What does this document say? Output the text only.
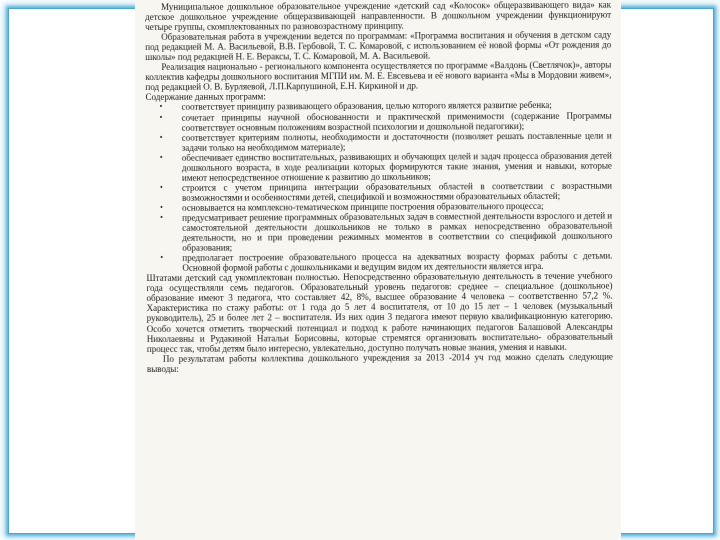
Муниципальное дошкольное образовательное учреждение «детский сад «Колосок» общеразвивающего вида» как детское дошкольное учреждение общеразвивающей направленности. В дошкольном учреждении функционируют четыре группы, скомплектованных по разновозрастному принципу.

Образовательная работа в учреждении ведется по программам: «Программа воспитания и обучения в детском саду под редакцией М. А. Васильевой, В.В. Гербовой, Т. С. Комаровой, с использованием её новой формы «От рождения до школы» под редакцией Н. Е. Вераксы, Т. С. Комаровой, М. А. Васильевой.

Реализация национально - регионального компонента осуществляется по программе «Валдонь (Светлячок)», авторы коллектив кафедры дошкольного воспитания МГПИ им. М. Е. Евсевьева и её нового варианта «Мы в Мордовии живем», под редакцией О. В. Бурляевой, Л.П.Карпушиной, Е.Н. Киркиной и др.

Содержание данных программ:

• соответствует принципу развивающего образования, целью которого является развитие ребенка;
• сочетает принципы научной обоснованности и практической применимости (содержание Программы соответствует основным положениям возрастной психологии и дошкольной педагогики);
• соответствует критериям полноты, необходимости и достаточности (позволяет решать поставленные цели и задачи только на необходимом материале);
• обеспечивает единство воспитательных, развивающих и обучающих целей и задач процесса образования детей дошкольного возраста, в ходе реализации которых формируются такие знания, умения и навыки, которые имеют непосредственное отношение к развитию до школьников;
• строится с учетом принципа интеграции образовательных областей в соответствии с возрастными возможностями и особенностями детей, спецификой и возможностями образовательных областей;
• основывается на комплексно-тематическом принципе построения образовательного процесса;
• предусматривает решение программных образовательных задач в совместной деятельности взрослого и детей и самостоятельной деятельности дошкольников не только в рамках непосредственно образовательной деятельности, но и при проведении режимных моментов в соответствии со спецификой дошкольного образования;
• предполагает построение образовательного процесса на адекватных возрасту формах работы с детьми. Основной формой работы с дошкольниками и ведущим видом их деятельности является игра.

Штатами детский сад укомплектован полностью. Непосредственно образовательную деятельность в течение учебного года осуществляли семь педагогов. Образовательный уровень педагогов: среднее – специальное (дошкольное) образование имеют 3 педагога, что составляет 42, 8%, высшее образование 4 человека – соответственно 57,2 %. Характеристика по стажу работы: от 1 года до 5 лет 4 воспитателя, от 10 до 15 лет – 1 человек (музыкальный руководитель), 25 и более лет 2 – воспитателя. Из них один 3 педагога имеют первую квалификационную категорию. Особо хочется отметить творческий потенциал и подход к работе начинающих педагогов Балашовой Александры Николаевны и Рудакиной Натальи Борисовны, которые стремятся организовать воспитательно- образовательный процесс так, чтобы детям было интересно, увлекательно, доступно получать новые знания, умения и навыки.

По результатам работы коллектива дошкольного учреждения за 2013 -2014 уч год можно сделать следующие выводы:
